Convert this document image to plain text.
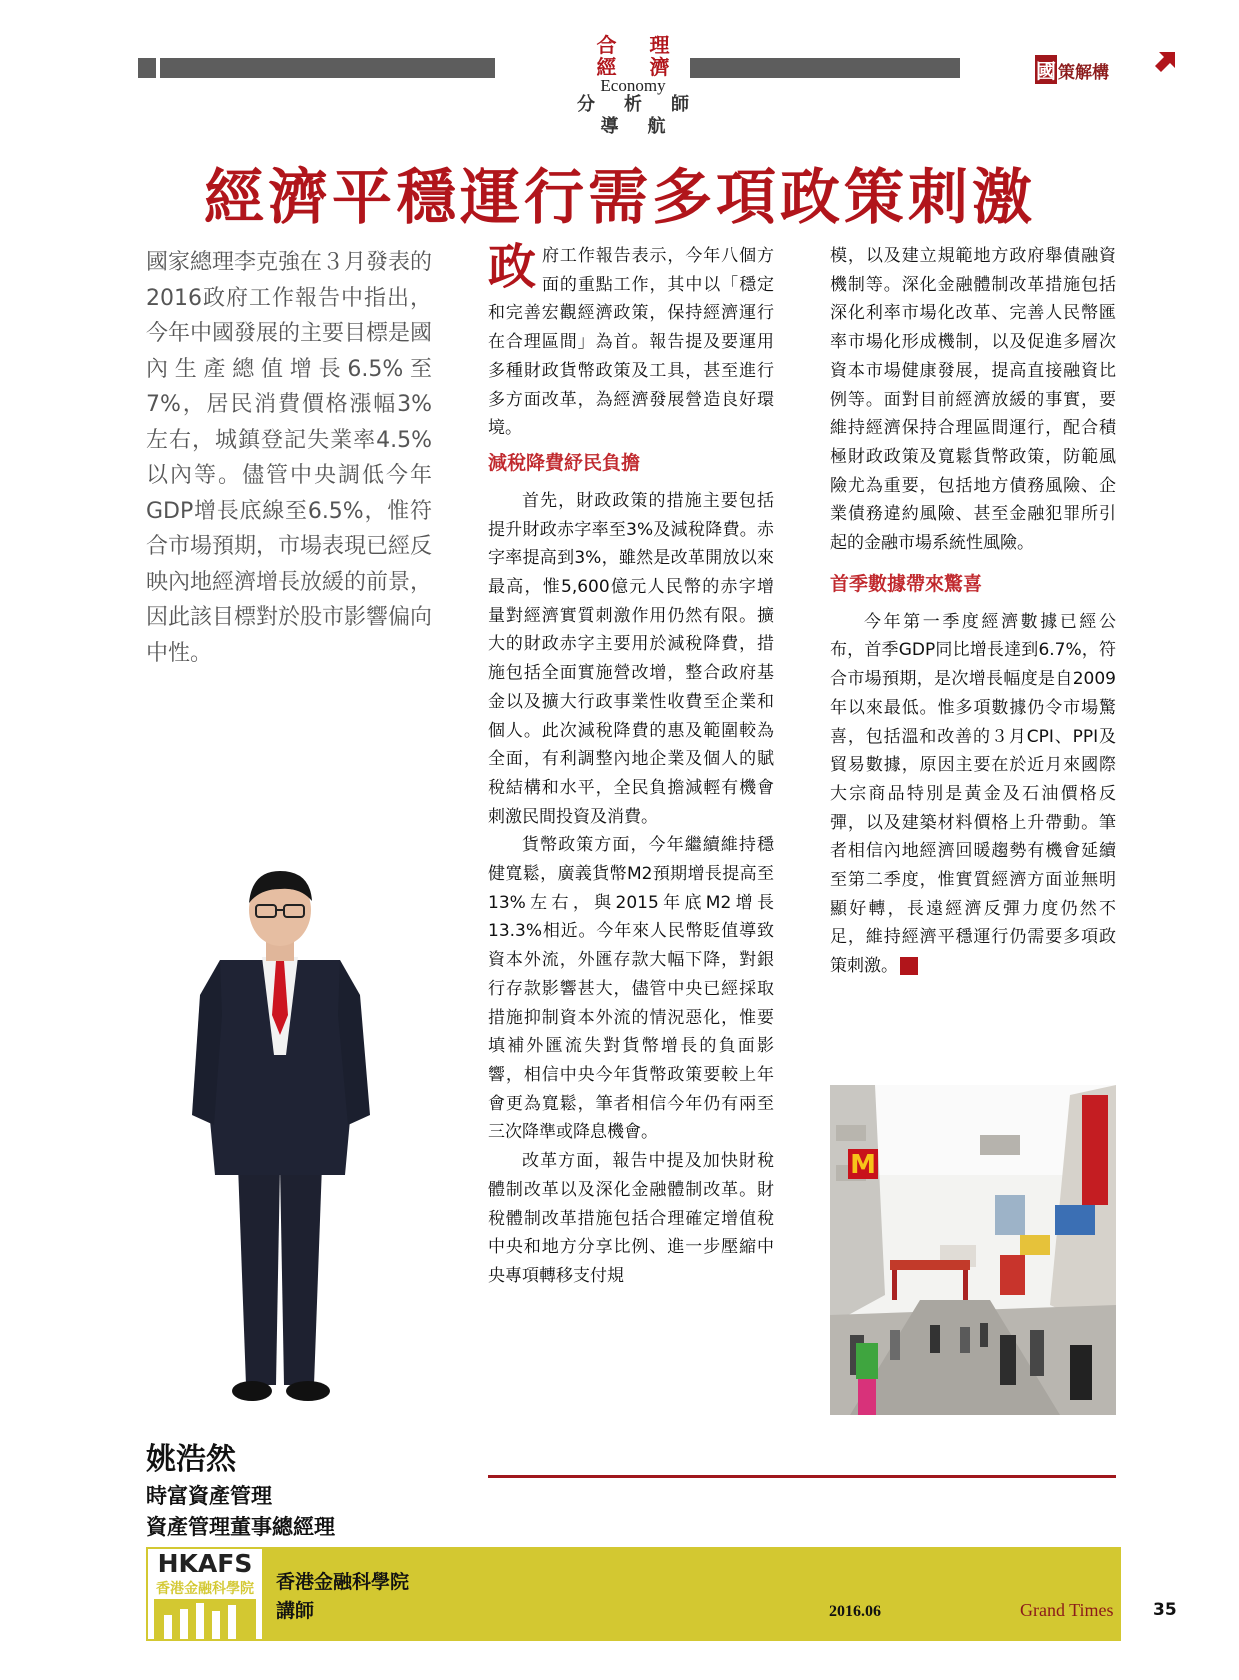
合理經濟
Economy
分析師導航
國 策解構
經濟平穩運行需多項政策刺激
國家總理李克強在３月發表的2016政府工作報告中指出，今年中國發展的主要目標是國內生產總值增長6.5%至7%，居民消費價格漲幅3%左右，城鎮登記失業率4.5%以內等。儘管中央調低今年GDP增長底線至6.5%，惟符合市場預期，市場表現已經反映內地經濟增長放緩的前景，因此該目標對於股市影響偏向中性。

政府工作報告表示，今年八個方面的重點工作，其中以「穩定和完善宏觀經濟政策，保持經濟運行在合理區間」為首。報告提及要運用多種財政貨幣政策及工具，甚至進行多方面改革，為經濟發展營造良好環境。

減稅降費紓民負擔

首先，財政政策的措施主要包括提升財政赤字率至3%及減稅降費。赤字率提高到3%，雖然是改革開放以來最高，惟5,600億元人民幣的赤字增量對經濟實質刺激作用仍然有限。擴大的財政赤字主要用於減稅降費，措施包括全面實施營改增，整合政府基金以及擴大行政事業性收費至企業和個人。此次減稅降費的惠及範圍較為全面，有利調整內地企業及個人的賦稅結構和水平，全民負擔減輕有機會刺激民間投資及消費。

貨幣政策方面，今年繼續維持穩健寬鬆，廣義貨幣M2預期增長提高至13%左右，與2015年底M2增長13.3%相近。今年來人民幣貶值導致資本外流，外匯存款大幅下降，對銀行存款影響甚大，儘管中央已經採取措施抑制資本外流的情況惡化，惟要填補外匯流失對貨幣增長的負面影響，相信中央今年貨幣政策要較上年會更為寬鬆，筆者相信今年仍有兩至三次降準或降息機會。

改革方面，報告中提及加快財稅體制改革以及深化金融體制改革。財稅體制改革措施包括合理確定增值稅中央和地方分享比例、進一步壓縮中央專項轉移支付規

模，以及建立規範地方政府舉債融資機制等。深化金融體制改革措施包括深化利率市場化改革、完善人民幣匯率市場化形成機制，以及促進多層次資本市場健康發展，提高直接融資比例等。面對目前經濟放緩的事實，要維持經濟保持合理區間運行，配合積極財政政策及寬鬆貨幣政策，防範風險尤為重要，包括地方債務風險、企業債務違約風險、甚至金融犯罪所引起的金融市場系統性風險。

首季數據帶來驚喜

今年第一季度經濟數據已經公布，首季GDP同比增長達到6.7%，符合市場預期，是次增長幅度是自2009年以來最低。惟多項數據仍令市場驚喜，包括溫和改善的３月CPI、PPI及貿易數據，原因主要在於近月來國際大宗商品特別是黃金及石油價格反彈，以及建築材料價格上升帶動。筆者相信內地經濟回暖趨勢有機會延續至第二季度，惟實質經濟方面並無明顯好轉，長遠經濟反彈力度仍然不足，維持經濟平穩運行仍需要多項政策刺激。	人

M
姚浩然
時富資產管理
資產管理董事總經理
HKAFS
香港金融科學院	香港金融科學院
講師	2016.06	Grand Times 35
